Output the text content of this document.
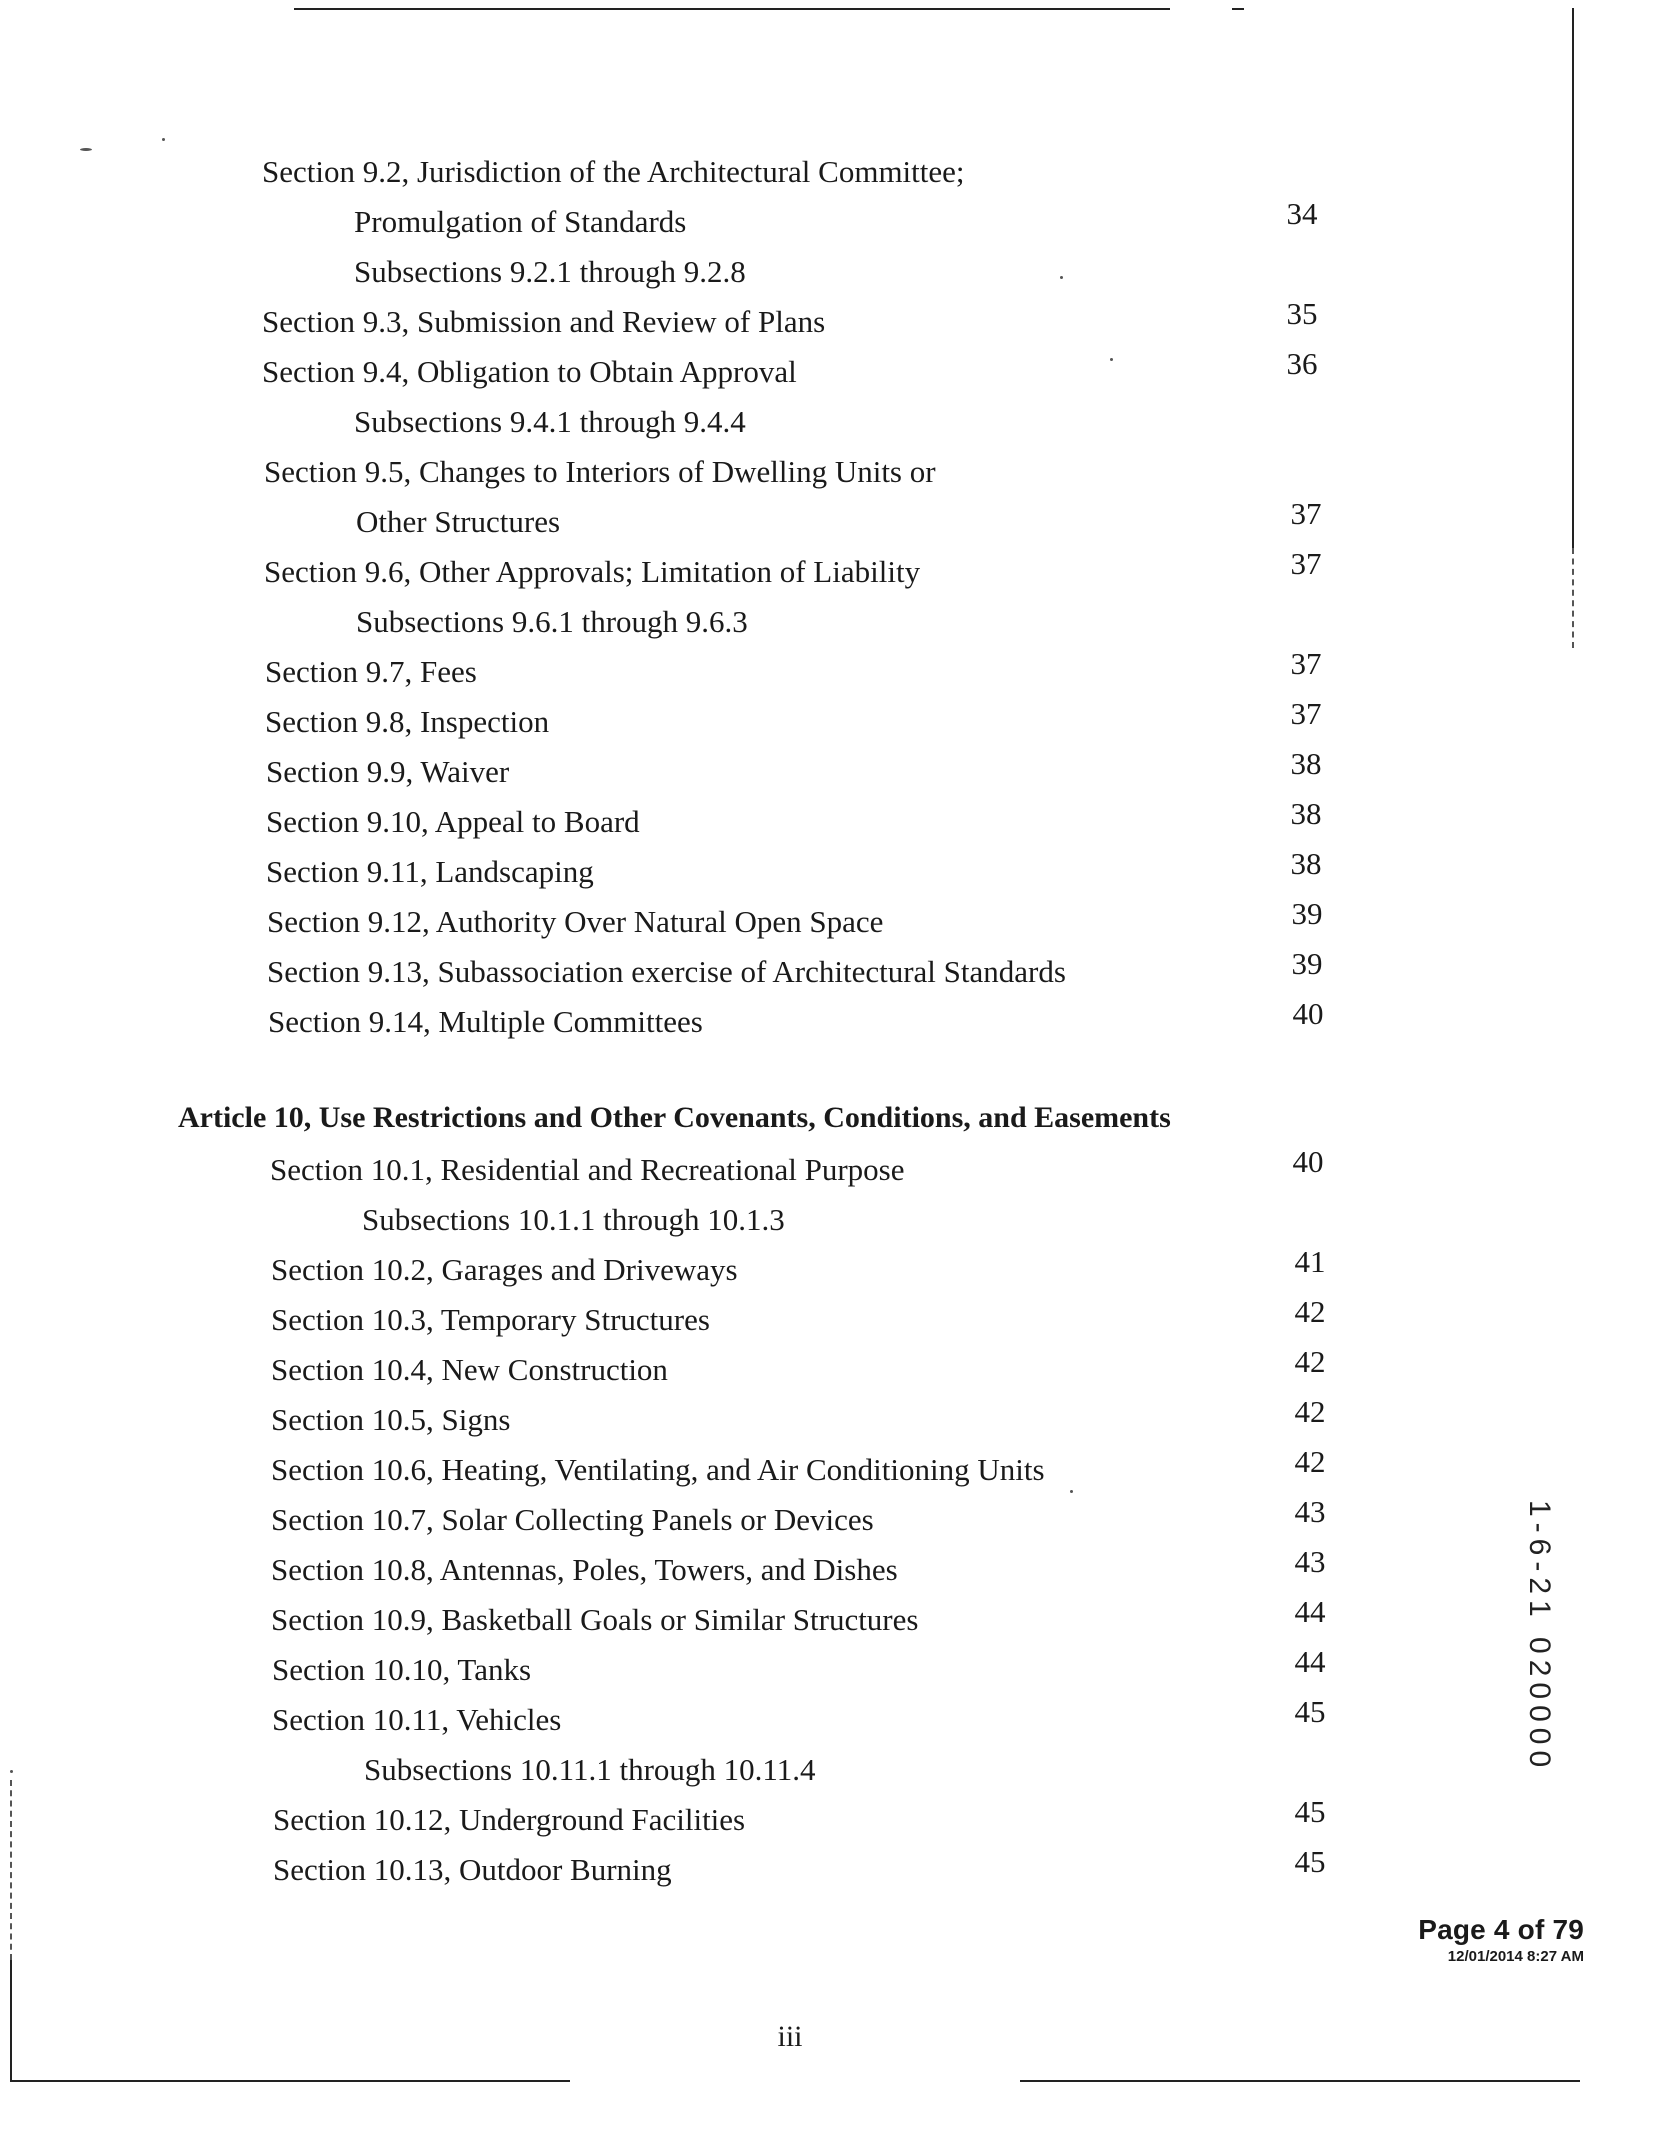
Section 9.2, Jurisdiction of the Architectural Committee;
Promulgation of Standards	34
Subsections 9.2.1 through 9.2.8
Section 9.3, Submission and Review of Plans	35
Section 9.4, Obligation to Obtain Approval	36
Subsections 9.4.1 through 9.4.4
Section 9.5, Changes to Interiors of Dwelling Units or
Other Structures	37
Section 9.6, Other Approvals; Limitation of Liability	37
Subsections 9.6.1 through 9.6.3
Section 9.7, Fees	37
Section 9.8, Inspection	37
Section 9.9, Waiver	38
Section 9.10, Appeal to Board	38
Section 9.11, Landscaping	38
Section 9.12, Authority Over Natural Open Space	39
Section 9.13, Subassociation exercise of Architectural Standards	39
Section 9.14, Multiple Committees	40
Article 10, Use Restrictions and Other Covenants, Conditions, and Easements
Section 10.1, Residential and Recreational Purpose	40
Subsections 10.1.1 through 10.1.3
Section 10.2, Garages and Driveways	41
Section 10.3, Temporary Structures	42
Section 10.4, New Construction	42
Section 10.5, Signs	42
Section 10.6, Heating, Ventilating, and Air Conditioning Units	42
Section 10.7, Solar Collecting Panels or Devices	43
Section 10.8, Antennas, Poles, Towers, and Dishes	43
Section 10.9, Basketball Goals or Similar Structures	44
Section 10.10, Tanks	44
Section 10.11, Vehicles	45
Subsections 10.11.1 through 10.11.4
Section 10.12, Underground Facilities	45
Section 10.13, Outdoor Burning	45
Page 4 of 79
12/01/2014 8:27 AM
1-6-21 020000
iii
